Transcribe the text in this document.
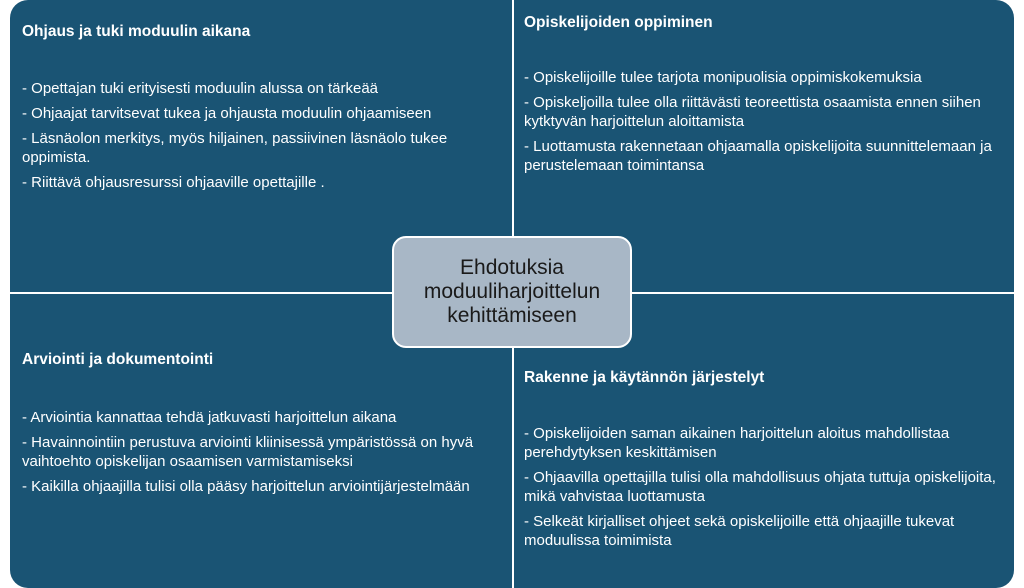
Ohjaus ja tuki moduulin aikana
- Opettajan tuki erityisesti moduulin alussa on tärkeää
- Ohjaajat tarvitsevat tukea ja ohjausta moduulin ohjaamiseen
- Läsnäolon merkitys, myös hiljainen, passiivinen läsnäolo tukee oppimista.
- Riittävä ohjausresurssi ohjaaville opettajille .
Opiskelijoiden oppiminen
- Opiskelijoille tulee tarjota monipuolisia oppimiskokemuksia
- Opiskeljoilla tulee olla riittävästi teoreettista osaamista ennen siihen kytktyvän harjoittelun aloittamista
- Luottamusta rakennetaan ohjaamalla opiskelijoita suunnittelemaan ja perustelemaan toimintansa
Arviointi ja dokumentointi
- Arviointia kannattaa tehdä jatkuvasti harjoittelun aikana
- Havainnointiin perustuva arviointi kliinisessä ympäristössä on hyvä vaihtoehto opiskelijan osaamisen varmistamiseksi
- Kaikilla ohjaajilla tulisi olla pääsy harjoittelun arviointijärjestelmään
Rakenne ja käytännön järjestelyt
- Opiskelijoiden saman aikainen harjoittelun aloitus mahdollistaa perehdytyksen keskittämisen
- Ohjaavilla opettajilla tulisi olla mahdollisuus ohjata tuttuja opiskelijoita, mikä vahvistaa luottamusta
- Selkeät kirjalliset ohjeet sekä opiskelijoille että ohjaajille tukevat moduulissa toimimista
Ehdotuksia
moduuliharjoittelun
kehittämiseen
